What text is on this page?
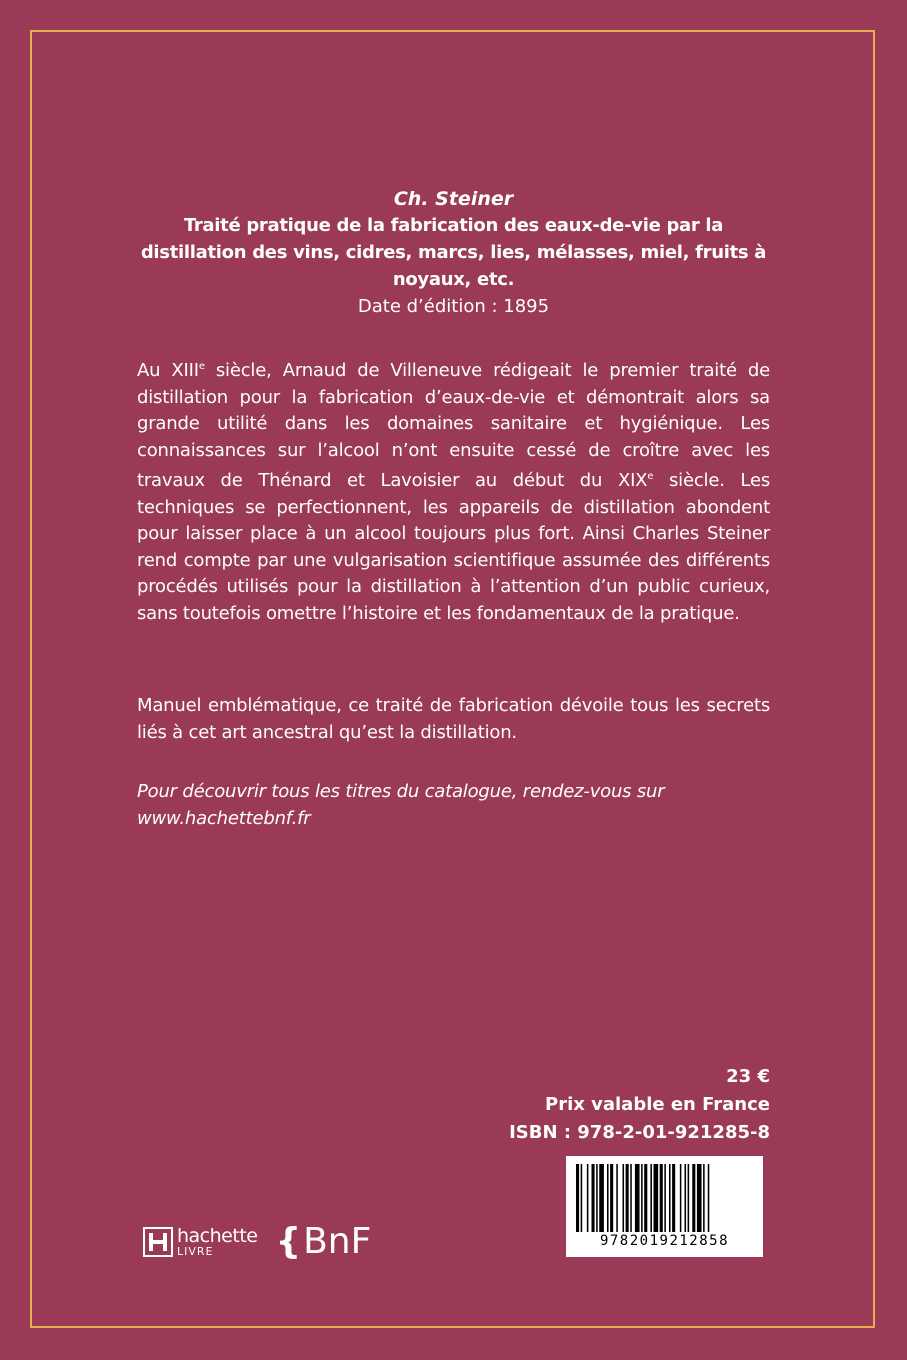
Ch. Steiner
Traité pratique de la fabrication des eaux-de-vie par la distillation des vins, cidres, marcs, lies, mélasses, miel, fruits à noyaux, etc.
Date d’édition : 1895
Au XIIIe siècle, Arnaud de Villeneuve rédigeait le premier traité de distillation pour la fabrication d’eaux-de-vie et démontrait alors sa grande utilité dans les domaines sanitaire et hygiénique. Les connaissances sur l’alcool n’ont ensuite cessé de croître avec les travaux de Thénard et Lavoisier au début du XIXe siècle. Les techniques se perfectionnent, les appareils de distillation abondent pour laisser place à un alcool toujours plus fort. Ainsi Charles Steiner rend compte par une vulgarisation scientifique assumée des différents procédés utilisés pour la distillation à l’attention d’un public curieux, sans toutefois omettre l’histoire et les fondamentaux de la pratique.
Manuel emblématique, ce traité de fabrication dévoile tous les secrets liés à cet art ancestral qu’est la distillation.
Pour découvrir tous les titres du catalogue, rendez-vous sur www.hachettebnf.fr
23 €
Prix valable en France
ISBN : 978-2-01-921285-8
9782019212858
hachette
LIVRE	{BnF
